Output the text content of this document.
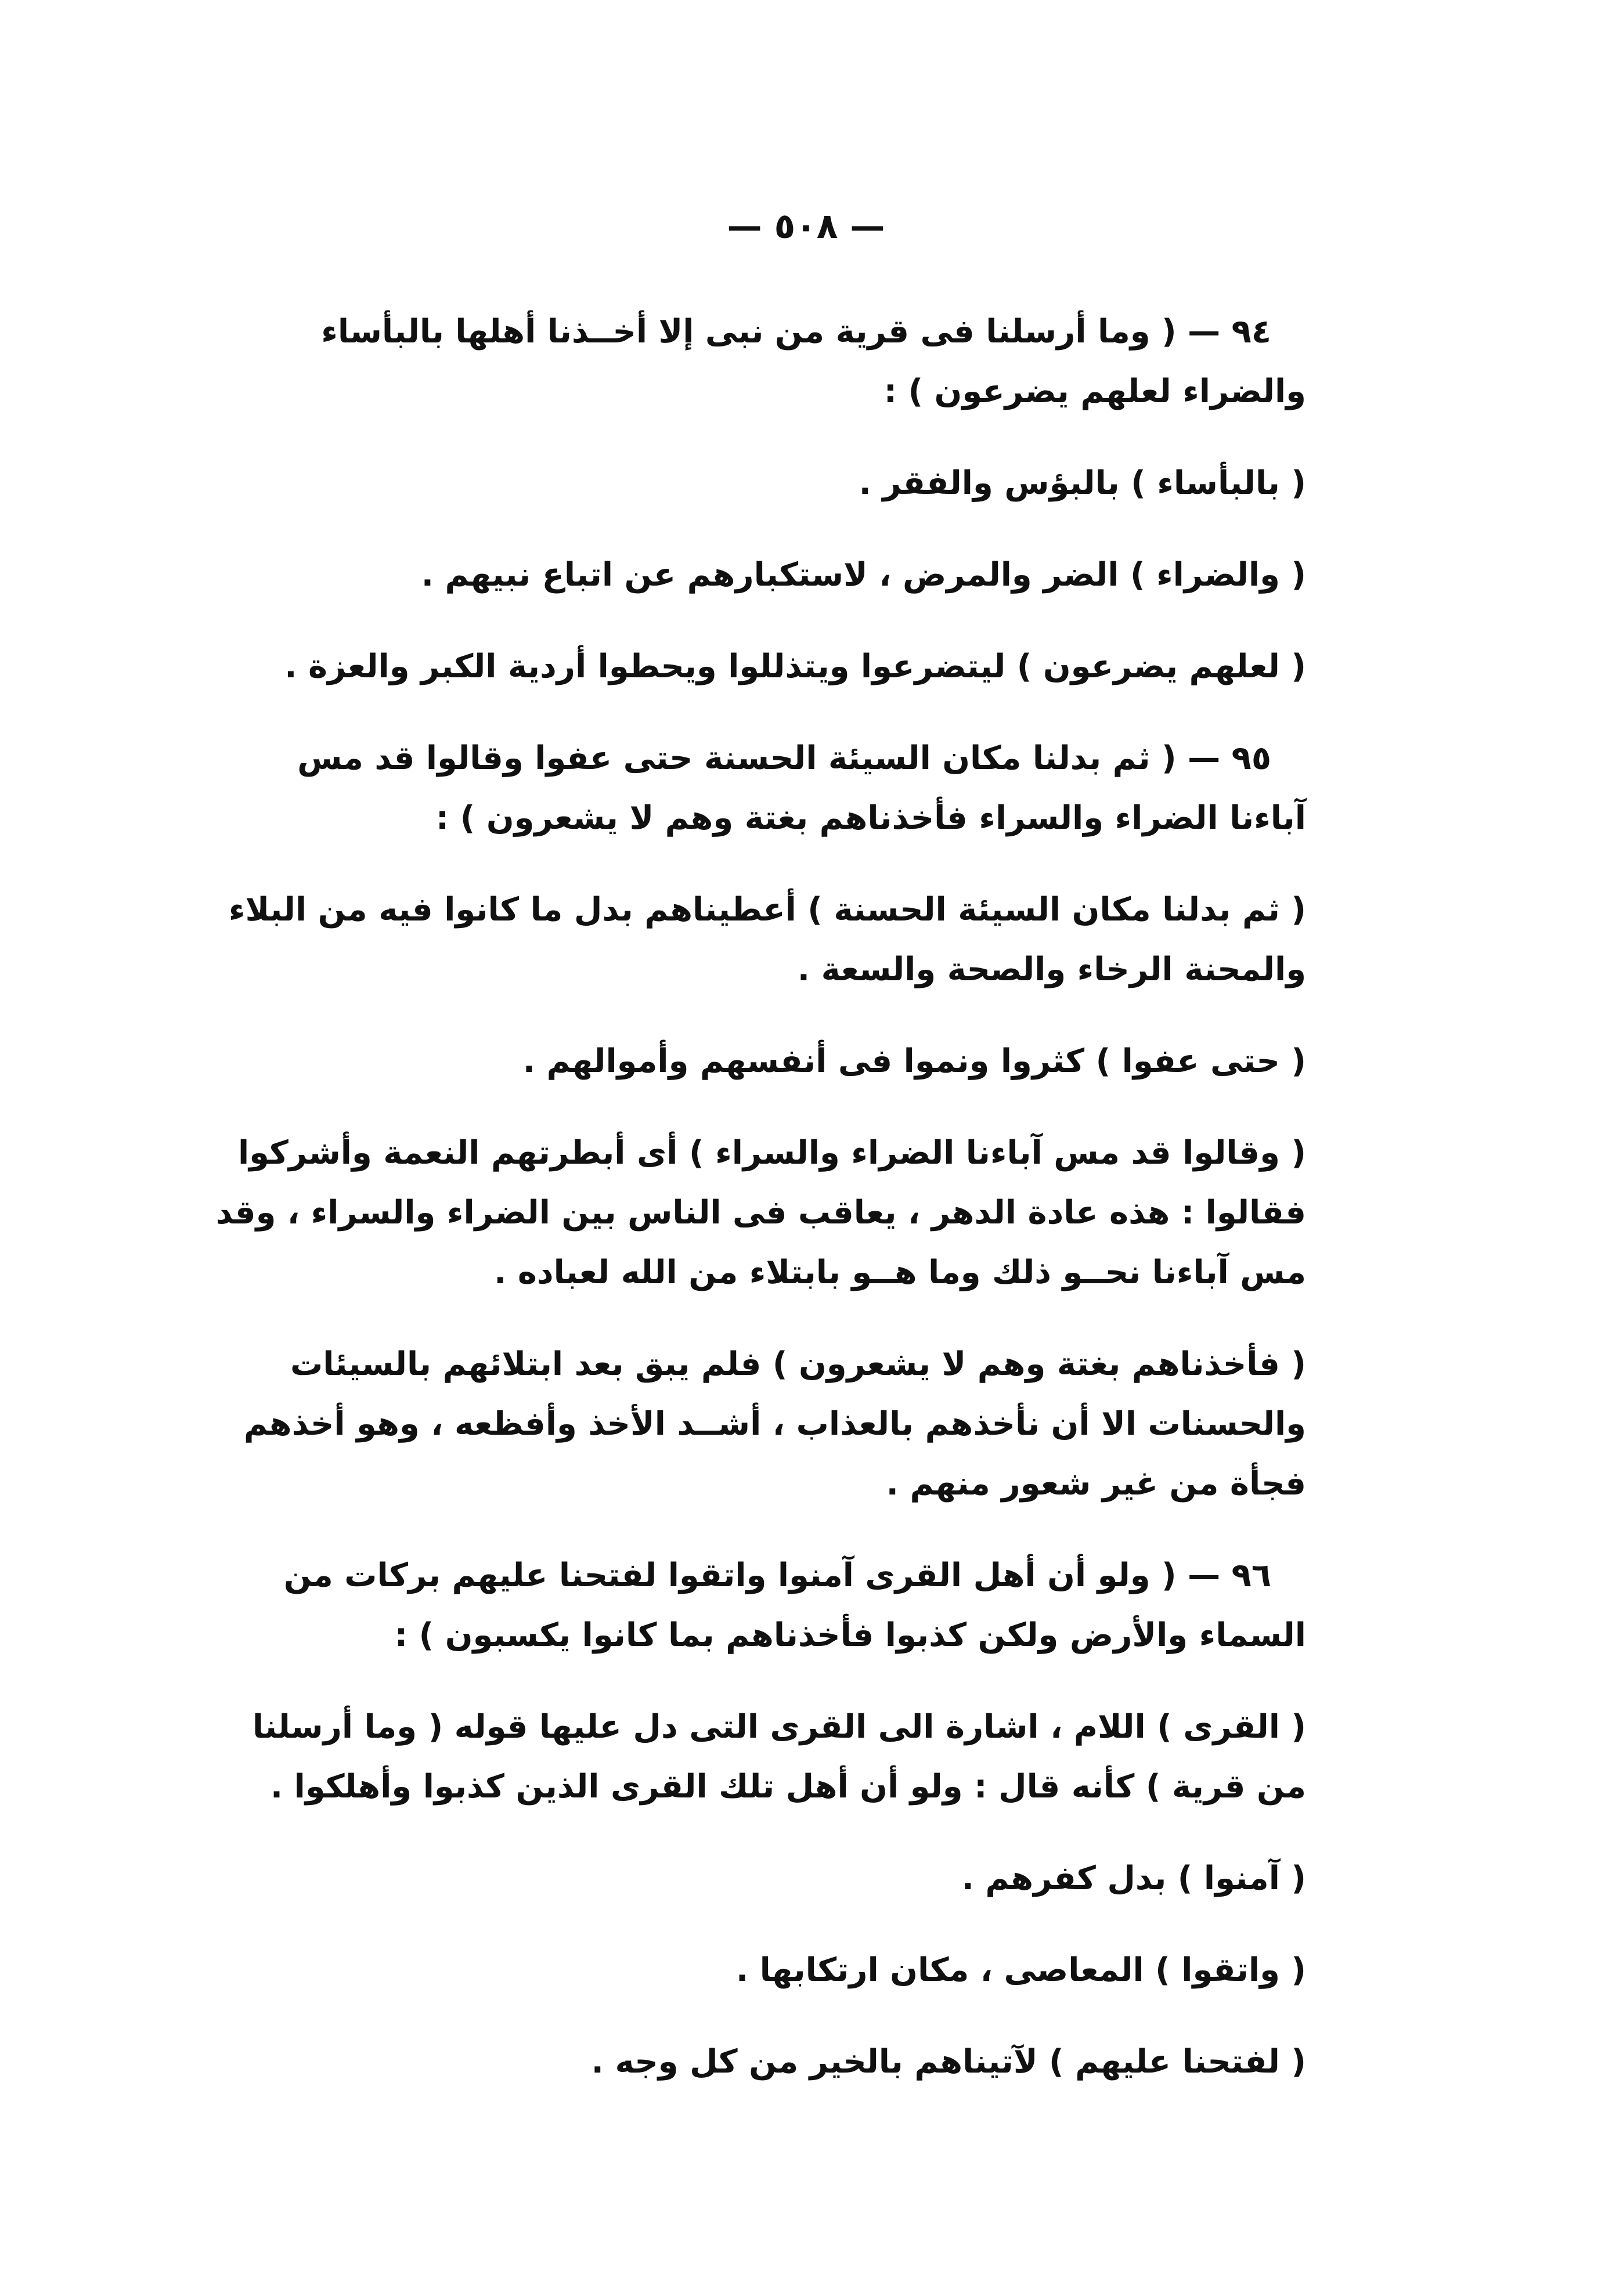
— ٥٠٨ —

٩٤ — ( وما أرسلنا فى قرية من نبى إلا أخــذنا أهلها بالبأساء والضراء لعلهم يضرعون ) :

( بالبأساء ) بالبؤس والفقر .

( والضراء ) الضر والمرض ، لاستكبارهم عن اتباع نبيهم .

( لعلهم يضرعون ) ليتضرعوا ويتذللوا ويحطوا أردية الكبر والعزة .

٩٥ — ( ثم بدلنا مكان السيئة الحسنة حتى عفوا وقالوا قد مس آباءنا الضراء والسراء فأخذناهم بغتة وهم لا يشعرون ) :

( ثم بدلنا مكان السيئة الحسنة ) أعطيناهم بدل ما كانوا فيه من البلاء والمحنة الرخاء والصحة والسعة .

( حتى عفوا ) كثروا ونموا فى أنفسهم وأموالهم .

( وقالوا قد مس آباءنا الضراء والسراء ) أى أبطرتهم النعمة وأشركوا فقالوا : هذه عادة الدهر ، يعاقب فى الناس بين الضراء والسراء ، وقد مس آباءنا نحــو ذلك وما هــو بابتلاء من الله لعباده .

( فأخذناهم بغتة وهم لا يشعرون ) فلم يبق بعد ابتلائهم بالسيئات والحسنات الا أن نأخذهم بالعذاب ، أشــد الأخذ وأفظعه ، وهو أخذهم فجأة من غير شعور منهم .

٩٦ — ( ولو أن أهل القرى آمنوا واتقوا لفتحنا عليهم بركات من السماء والأرض ولكن كذبوا فأخذناهم بما كانوا يكسبون ) :

( القرى ) اللام ، اشارة الى القرى التى دل عليها قوله ( وما أرسلنا من قرية ) كأنه قال : ولو أن أهل تلك القرى الذين كذبوا وأهلكوا .

( آمنوا ) بدل كفرهم .

( واتقوا ) المعاصى ، مكان ارتكابها .

( لفتحنا عليهم ) لآتيناهم بالخير من كل وجه .
